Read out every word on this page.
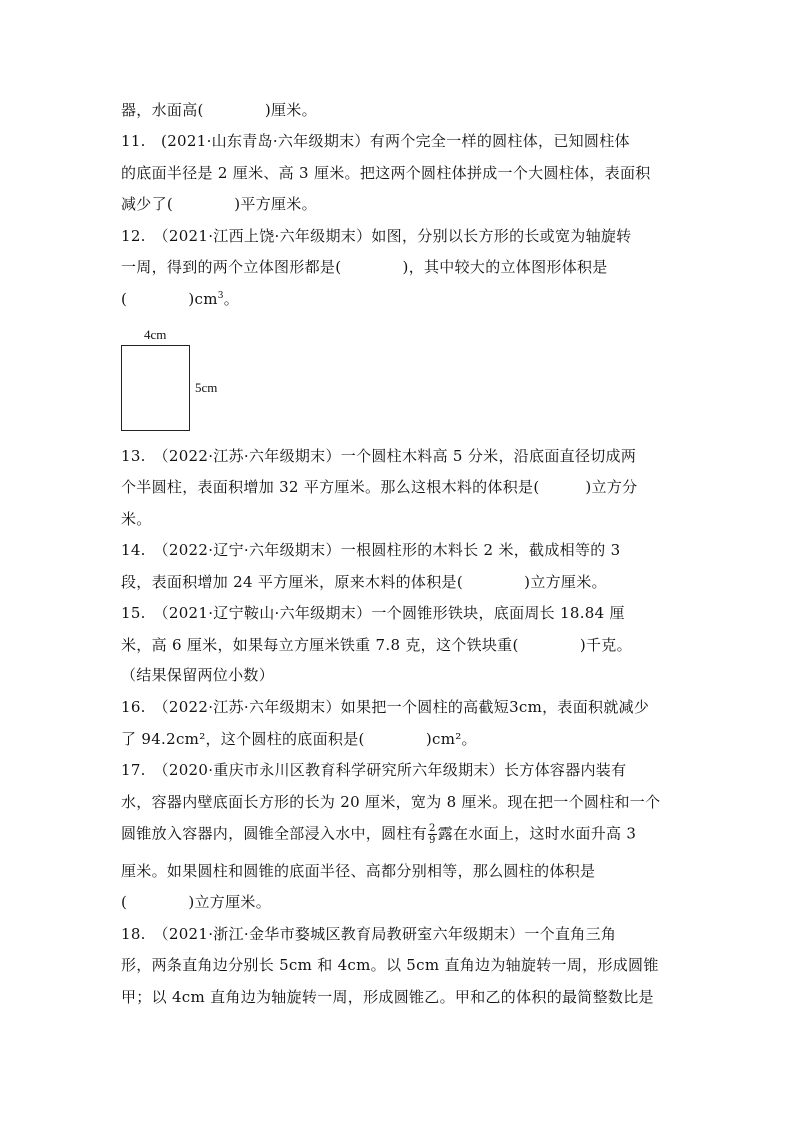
器，水面高(　　　　)厘米。
11.　(2021·山东青岛·六年级期末）有两个完全一样的圆柱体，已知圆柱体
的底面半径是 2 厘米、高 3 厘米。把这两个圆柱体拼成一个大圆柱体，表面积
减少了(　　　　)平方厘米。
12.　（2021·江西上饶·六年级期末）如图，分别以长方形的长或宽为轴旋转
一周，得到的两个立体图形都是(　　　　)，其中较大的立体图形体积是
(　　　　)$cm^3$。
4cm
5cm
13.　（2022·江苏·六年级期末）一个圆柱木料高 5 分米，沿底面直径切成两
个半圆柱，表面积增加 32 平方厘米。那么这根木料的体积是(　　　)立方分
米。
14.　（2022·辽宁·六年级期末）一根圆柱形的木料长 2 米，截成相等的 3
段，表面积增加 24 平方厘米，原来木料的体积是(　　　　)立方厘米。
15.　（2021·辽宁鞍山·六年级期末）一个圆锥形铁块，底面周长 18.84 厘
米，高 6 厘米，如果每立方厘米铁重 7.8 克，这个铁块重(　　　　)千克。
（结果保留两位小数）
16.　（2022·江苏·六年级期末）如果把一个圆柱的高截短3cm，表面积就减少
了 94.2cm²，这个圆柱的底面积是(　　　　)cm²。
17.　（2020·重庆市永川区教育科学研究所六年级期末）长方体容器内装有
水，容器内壁底面长方形的长为 20 厘米，宽为 8 厘米。现在把一个圆柱和一个
圆锥放入容器内，圆锥全部浸入水中，圆柱有 $\frac{2}{9}$ 露在水面上，这时水面升高 3
厘米。如果圆柱和圆锥的底面半径、高都分别相等，那么圆柱的体积是
(　　　　)立方厘米。
18.　（2021·浙江·金华市婺城区教育局教研室六年级期末）一个直角三角
形，两条直角边分别长 5cm 和 4cm。以 5cm 直角边为轴旋转一周，形成圆锥
甲；以 4cm 直角边为轴旋转一周，形成圆锥乙。甲和乙的体积的最简整数比是
